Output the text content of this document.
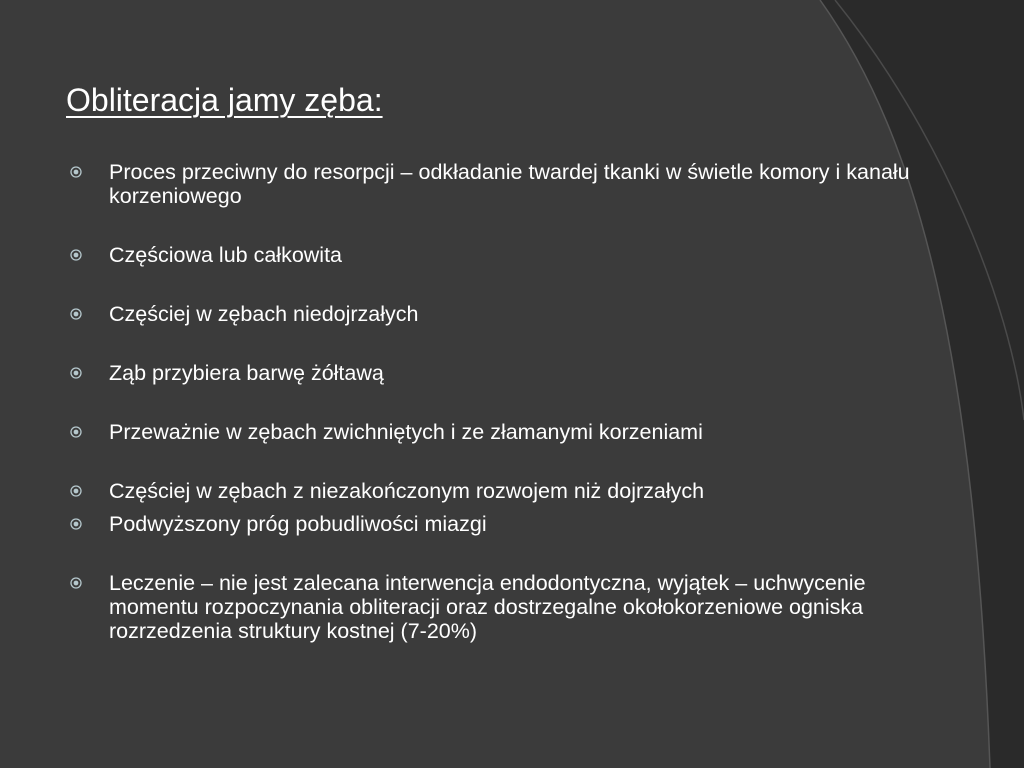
Obliteracja jamy zęba:
Proces przeciwny do resorpcji – odkładanie twardej tkanki w świetle komory i kanału korzeniowego
Częściowa lub całkowita
Częściej w zębach niedojrzałych
Ząb przybiera barwę żółtawą
Przeważnie w zębach zwichniętych i ze złamanymi korzeniami
Częściej w zębach z niezakończonym rozwojem niż dojrzałych
Podwyższony próg pobudliwości miazgi
Leczenie – nie jest zalecana interwencja endodontyczna, wyjątek – uchwycenie momentu rozpoczynania obliteracji oraz dostrzegalne okołokorzeniowe ogniska rozrzedzenia struktury kostnej (7-20%)
